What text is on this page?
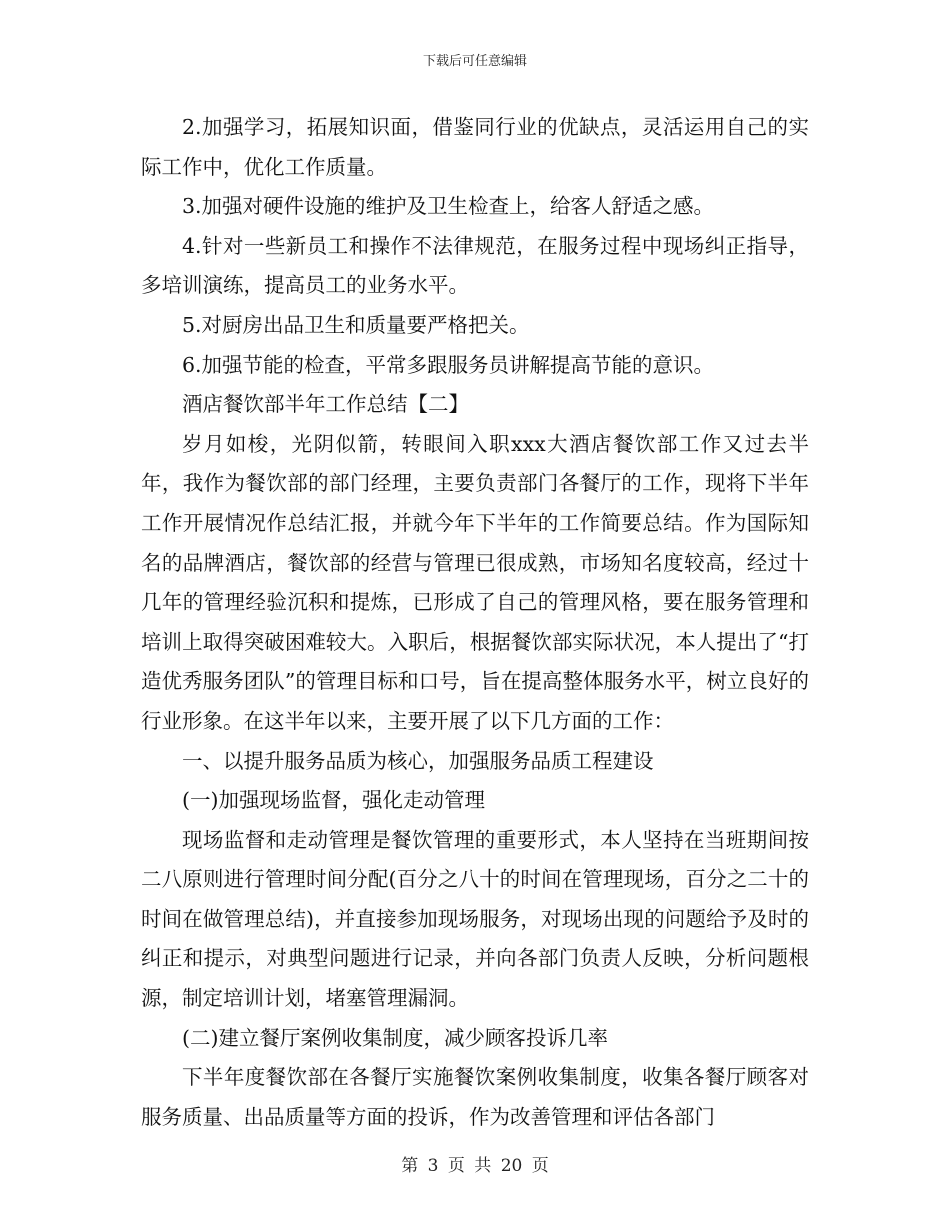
下载后可任意编辑

2.加强学习，拓展知识面，借鉴同行业的优缺点，灵活运用自己的实际工作中，优化工作质量。

3.加强对硬件设施的维护及卫生检查上，给客人舒适之感。

4.针对一些新员工和操作不法律规范，在服务过程中现场纠正指导，多培训演练，提高员工的业务水平。

5.对厨房出品卫生和质量要严格把关。

6.加强节能的检查，平常多跟服务员讲解提高节能的意识。

酒店餐饮部半年工作总结【二】

岁月如梭，光阴似箭，转眼间入职xxx大酒店餐饮部工作又过去半年，我作为餐饮部的部门经理，主要负责部门各餐厅的工作，现将下半年工作开展情况作总结汇报，并就今年下半年的工作简要总结。作为国际知名的品牌酒店，餐饮部的经营与管理已很成熟，市场知名度较高，经过十几年的管理经验沉积和提炼，已形成了自己的管理风格，要在服务管理和培训上取得突破困难较大。入职后，根据餐饮部实际状况，本人提出了“打造优秀服务团队”的管理目标和口号，旨在提高整体服务水平，树立良好的行业形象。在这半年以来，主要开展了以下几方面的工作：

一、以提升服务品质为核心，加强服务品质工程建设

(一)加强现场监督，强化走动管理

现场监督和走动管理是餐饮管理的重要形式，本人坚持在当班期间按二八原则进行管理时间分配(百分之八十的时间在管理现场，百分之二十的时间在做管理总结)，并直接参加现场服务，对现场出现的问题给予及时的纠正和提示，对典型问题进行记录，并向各部门负责人反映，分析问题根源，制定培训计划，堵塞管理漏洞。

(二)建立餐厅案例收集制度，减少顾客投诉几率

下半年度餐饮部在各餐厅实施餐饮案例收集制度，收集各餐厅顾客对服务质量、出品质量等方面的投诉，作为改善管理和评估各部门

第 3 页 共 20 页
